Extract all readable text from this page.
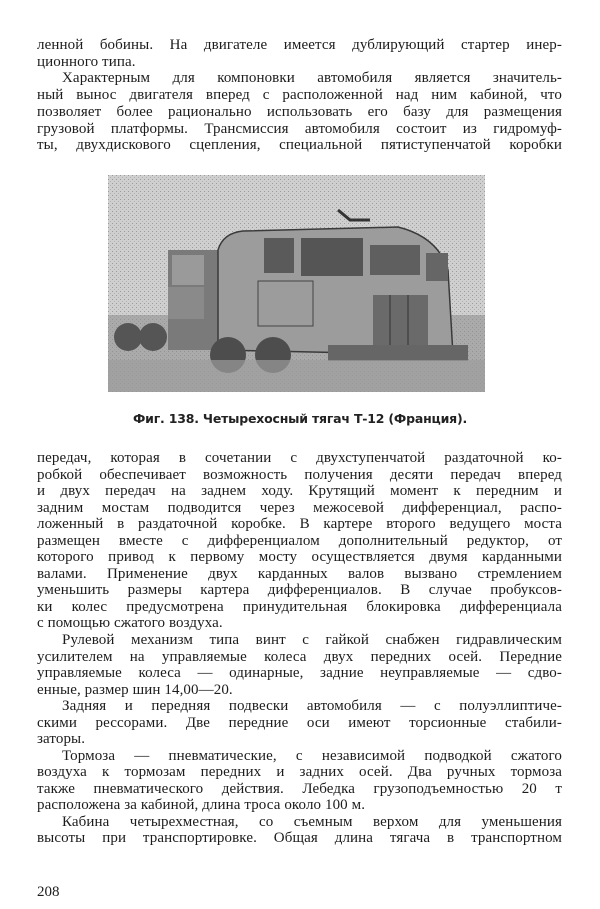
ленной бобины. На двигателе имеется дублирующий стартер инер-
ционного типа.
Характерным для компоновки автомобиля является значитель-
ный вынос двигателя вперед с расположенной над ним кабиной, что
позволяет более рационально использовать его базу для размещения
грузовой платформы. Трансмиссия автомобиля состоит из гидромуф-
ты, двухдискового сцепления, специальной пятиступенчатой коробки
Фиг. 138. Четырехосный тягач Т-12 (Франция).
передач, которая в сочетании с двухступенчатой раздаточной ко-
робкой обеспечивает возможность получения десяти передач вперед
и двух передач на заднем ходу. Крутящий момент к передним и
задним мостам подводится через межосевой дифференциал, распо-
ложенный в раздаточной коробке. В картере второго ведущего моста
размещен вместе с дифференциалом дополнительный редуктор, от
которого привод к первому мосту осуществляется двумя карданными
валами. Применение двух карданных валов вызвано стремлением
уменьшить размеры картера дифференциалов. В случае пробуксов-
ки колес предусмотрена принудительная блокировка дифференциала
с помощью сжатого воздуха.
Рулевой механизм типа винт с гайкой снабжен гидравлическим
усилителем на управляемые колеса двух передних осей. Передние
управляемые колеса — одинарные, задние неуправляемые — сдво-
енные, размер шин 14,00—20.
Задняя и передняя подвески автомобиля — с полуэллиптиче-
скими рессорами. Две передние оси имеют торсионные стабили-
заторы.
Тормоза — пневматические, с независимой подводкой сжатого
воздуха к тормозам передних и задних осей. Два ручных тормоза
также пневматического действия. Лебедка грузоподъемностью 20 т
расположена за кабиной, длина троса около 100 м.
Кабина четырехместная, со съемным верхом для уменьшения
высоты при транспортировке. Общая длина тягача в транспортном
208
